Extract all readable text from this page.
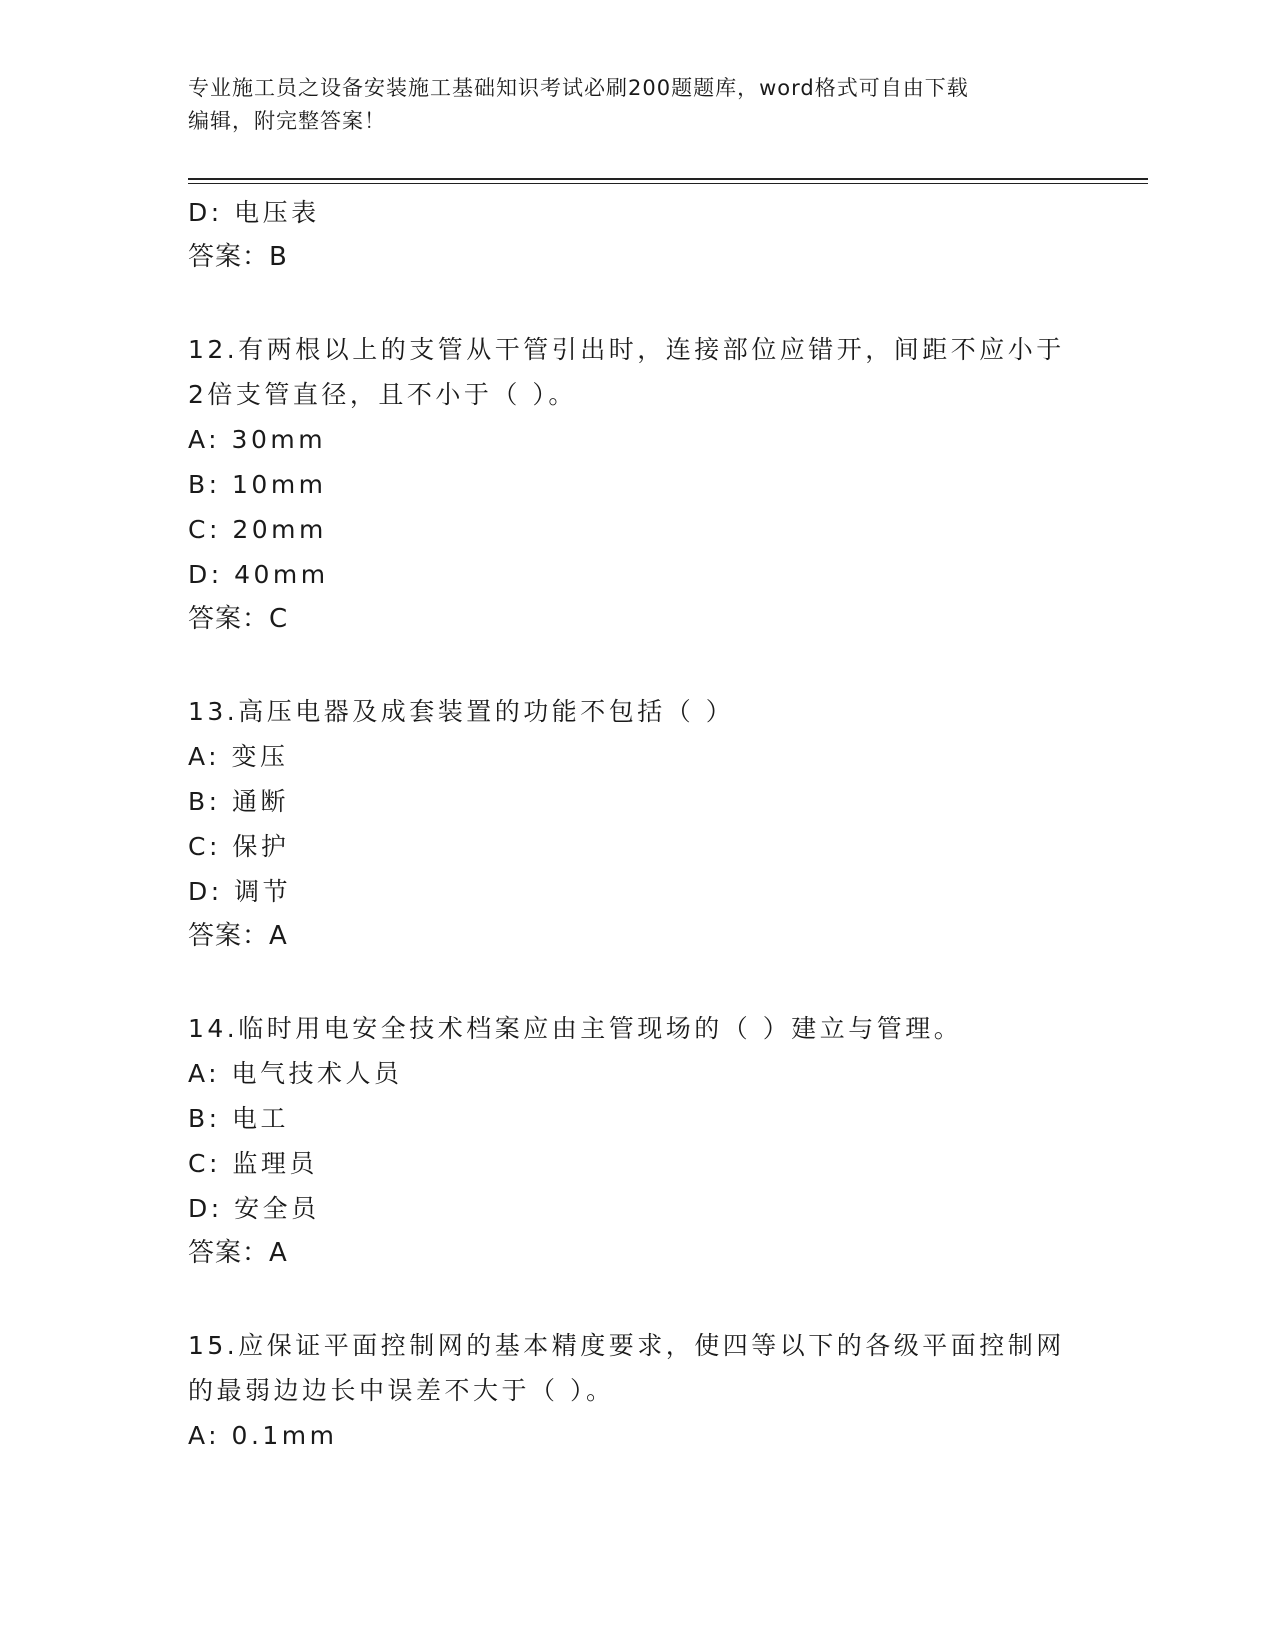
专业施工员之设备安装施工基础知识考试必刷200题题库，word格式可自由下载
编辑，附完整答案！
D: 电压表
答案：B
12.有两根以上的支管从干管引出时，连接部位应错开，间距不应小于
2倍支管直径，且不小于（ ）。
A: 30mm
B: 10mm
C: 20mm
D: 40mm
答案：C
13.高压电器及成套装置的功能不包括（ ）
A: 变压
B: 通断
C: 保护
D: 调节
答案：A
14.临时用电安全技术档案应由主管现场的（ ）建立与管理。
A: 电气技术人员
B: 电工
C: 监理员
D: 安全员
答案：A
15.应保证平面控制网的基本精度要求，使四等以下的各级平面控制网
的最弱边边长中误差不大于（ ）。
A: 0.1mm
